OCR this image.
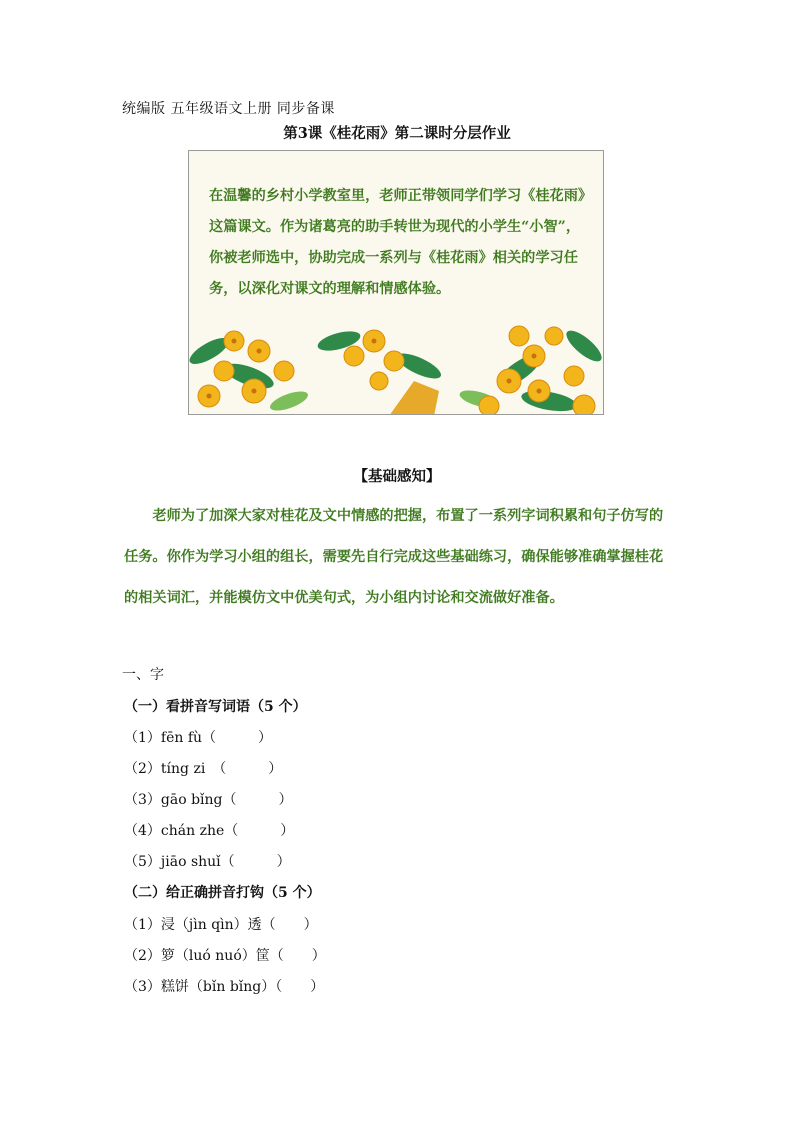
统编版 五年级语文上册 同步备课
第3课《桂花雨》第二课时分层作业
在温馨的乡村小学教室里，老师正带领同学们学习《桂花雨》这篇课文。作为诸葛亮的助手转世为现代的小学生“小智”，你被老师选中，协助完成一系列与《桂花雨》相关的学习任务，以深化对课文的理解和情感体验。
【基础感知】
老师为了加深大家对桂花及文中情感的把握，布置了一系列字词积累和句子仿写的任务。你作为学习小组的组长，需要先自行完成这些基础练习，确保能够准确掌握桂花的相关词汇，并能模仿文中优美句式，为小组内讨论和交流做好准备。
一、字
（一）看拼音写词语（5 个）
（1）fēn fù（　　　）
（2）tíng zi　（　　　）
（3）gāo bǐng（　　　）
（4）chán zhe（　　　）
（5）jiāo shuǐ（　　　）
（二）给正确拼音打钩（5 个）
（1）浸（jìn qìn）透（　　）
（2）箩（luó nuó）筐（　　）
（3）糕饼（bǐn bǐng）（　　）
